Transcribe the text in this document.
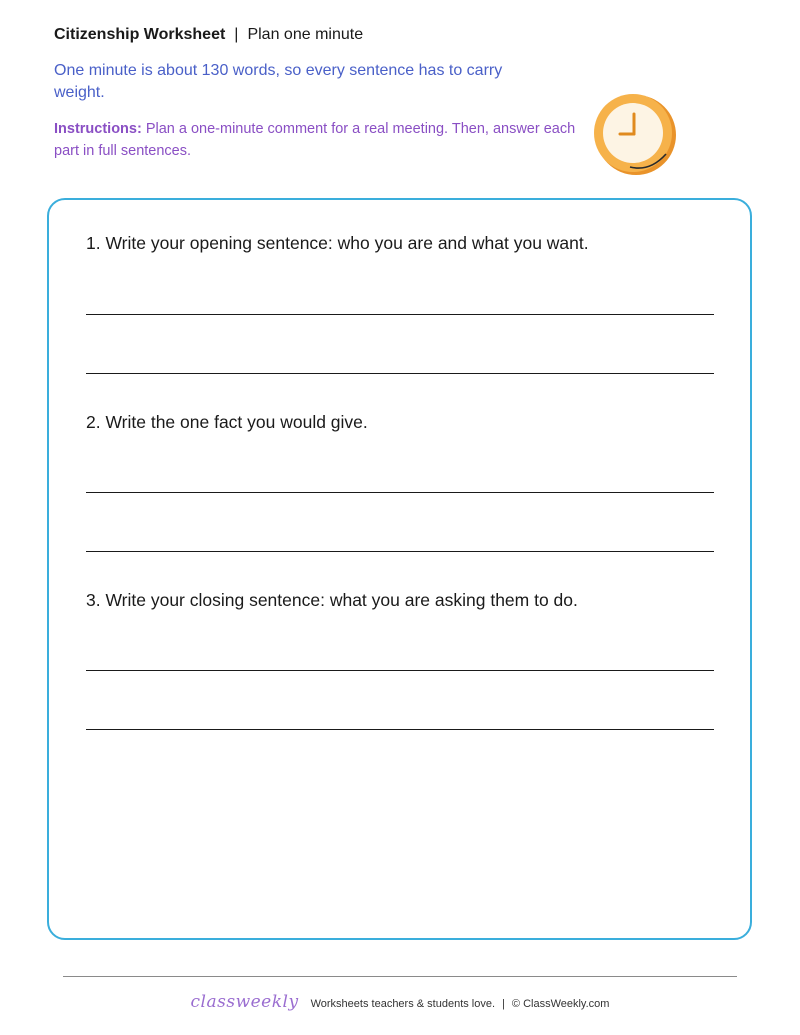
Citizenship Worksheet | Plan one minute
One minute is about 130 words, so every sentence has to carry weight.
Instructions: Plan a one-minute comment for a real meeting. Then, answer each part in full sentences.
1. Write your opening sentence: who you are and what you want.
2. Write the one fact you would give.
3. Write your closing sentence: what you are asking them to do.
classweekly Worksheets teachers & students love. | © ClassWeekly.com
